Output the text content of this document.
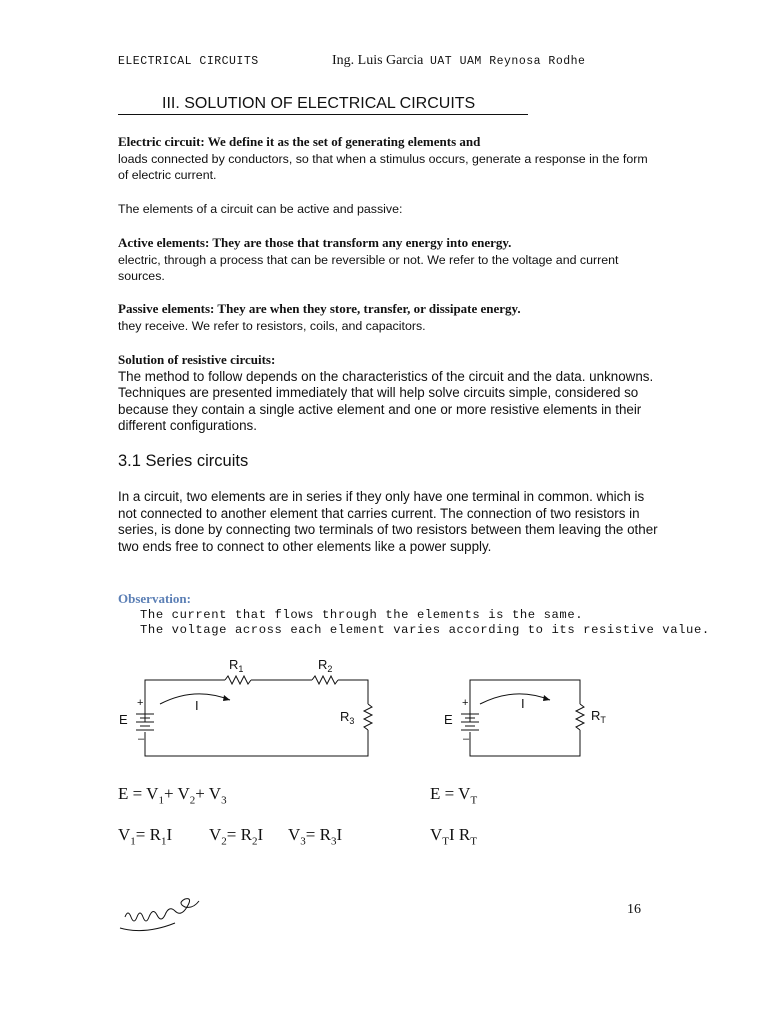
ELECTRICAL CIRCUITS	Ing. Luis Garcia UAT UAM Reynosa Rodhe
III. SOLUTION OF ELECTRICAL CIRCUITS
Electric circuit: We define it as the set of generating elements and
loads connected by conductors, so that when a stimulus occurs, generate a response in the form of electric current.
The elements of a circuit can be active and passive:
Active elements: They are those that transform any energy into energy.
electric, through a process that can be reversible or not. We refer to the voltage and current sources.
Passive elements: They are when they store, transfer, or dissipate energy.
they receive. We refer to resistors, coils, and capacitors.
Solution of resistive circuits:
The method to follow depends on the characteristics of the circuit and the data. unknowns. Techniques are presented immediately that will help solve circuits simple, considered so because they contain a single active element and one or more resistive elements in their different configurations.
3.1 Series circuits
In a circuit, two elements are in series if they only have one terminal in common. which is not connected to another element that carries current. The connection of two resistors in series, is done by connecting two terminals of two resistors between them leaving the other two ends free to connect to other elements like a power supply.
Observation:
The current that flows through the elements is the same.
The voltage across each element varies according to its resistive value.
$R_1$	$R_2$
$R_3$
E
+
–
I
$R_T$
E
+
–
I
$E = V_1+ V_2+ V_3$
$V_1= R_1I$ $V_2= R_2I$ $V_3= R_3I$
$E = V_T$
$V_TI$ $R_T$
16
